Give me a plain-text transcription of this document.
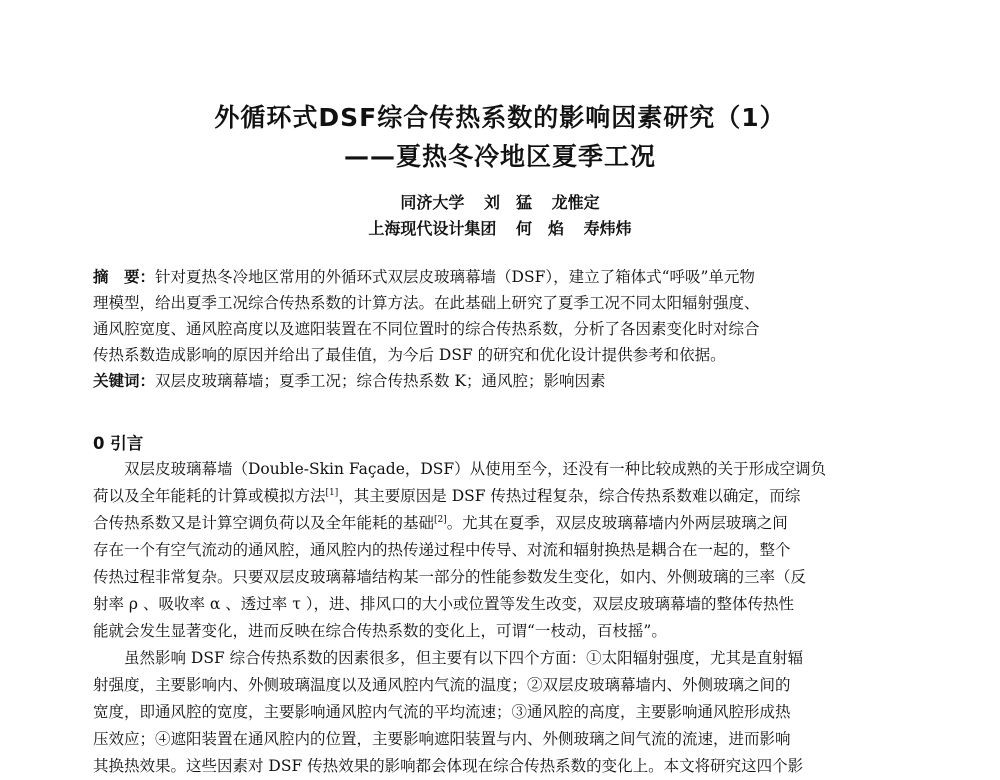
外循环式DSF综合传热系数的影响因素研究（1）
——夏热冬冷地区夏季工况
同济大学 刘　猛 龙惟定
上海现代设计集团 何　焰 寿炜炜
摘　要：针对夏热冬冷地区常用的外循环式双层皮玻璃幕墙（DSF），建立了箱体式“呼吸”单元物
理模型，给出夏季工况综合传热系数的计算方法。在此基础上研究了夏季工况不同太阳辐射强度、
通风腔宽度、通风腔高度以及遮阳装置在不同位置时的综合传热系数，分析了各因素变化时对综合
传热系数造成影响的原因并给出了最佳值，为今后 DSF 的研究和优化设计提供参考和依据。
关键词：双层皮玻璃幕墙；夏季工况；综合传热系数 K；通风腔；影响因素
0 引言
双层皮玻璃幕墙（Double-Skin Façade，DSF）从使用至今，还没有一种比较成熟的关于形成空调负
荷以及全年能耗的计算或模拟方法[1]，其主要原因是 DSF 传热过程复杂，综合传热系数难以确定，而综
合传热系数又是计算空调负荷以及全年能耗的基础[2]。尤其在夏季，双层皮玻璃幕墙内外两层玻璃之间
存在一个有空气流动的通风腔，通风腔内的热传递过程中传导、对流和辐射换热是耦合在一起的，整个
传热过程非常复杂。只要双层皮玻璃幕墙结构某一部分的性能参数发生变化，如内、外侧玻璃的三率（反
射率 ρ 、吸收率 α 、透过率 τ ），进、排风口的大小或位置等发生改变，双层皮玻璃幕墙的整体传热性
能就会发生显著变化，进而反映在综合传热系数的变化上，可谓“一枝动，百枝摇”。
虽然影响 DSF 综合传热系数的因素很多，但主要有以下四个方面：①太阳辐射强度，尤其是直射辐
射强度，主要影响内、外侧玻璃温度以及通风腔内气流的温度；②双层皮玻璃幕墙内、外侧玻璃之间的
宽度，即通风腔的宽度，主要影响通风腔内气流的平均流速；③通风腔的高度，主要影响通风腔形成热
压效应；④遮阳装置在通风腔内的位置，主要影响遮阳装置与内、外侧玻璃之间气流的流速，进而影响
其换热效果。这些因素对 DSF 传热效果的影响都会体现在综合传热系数的变化上。本文将研究这四个影
